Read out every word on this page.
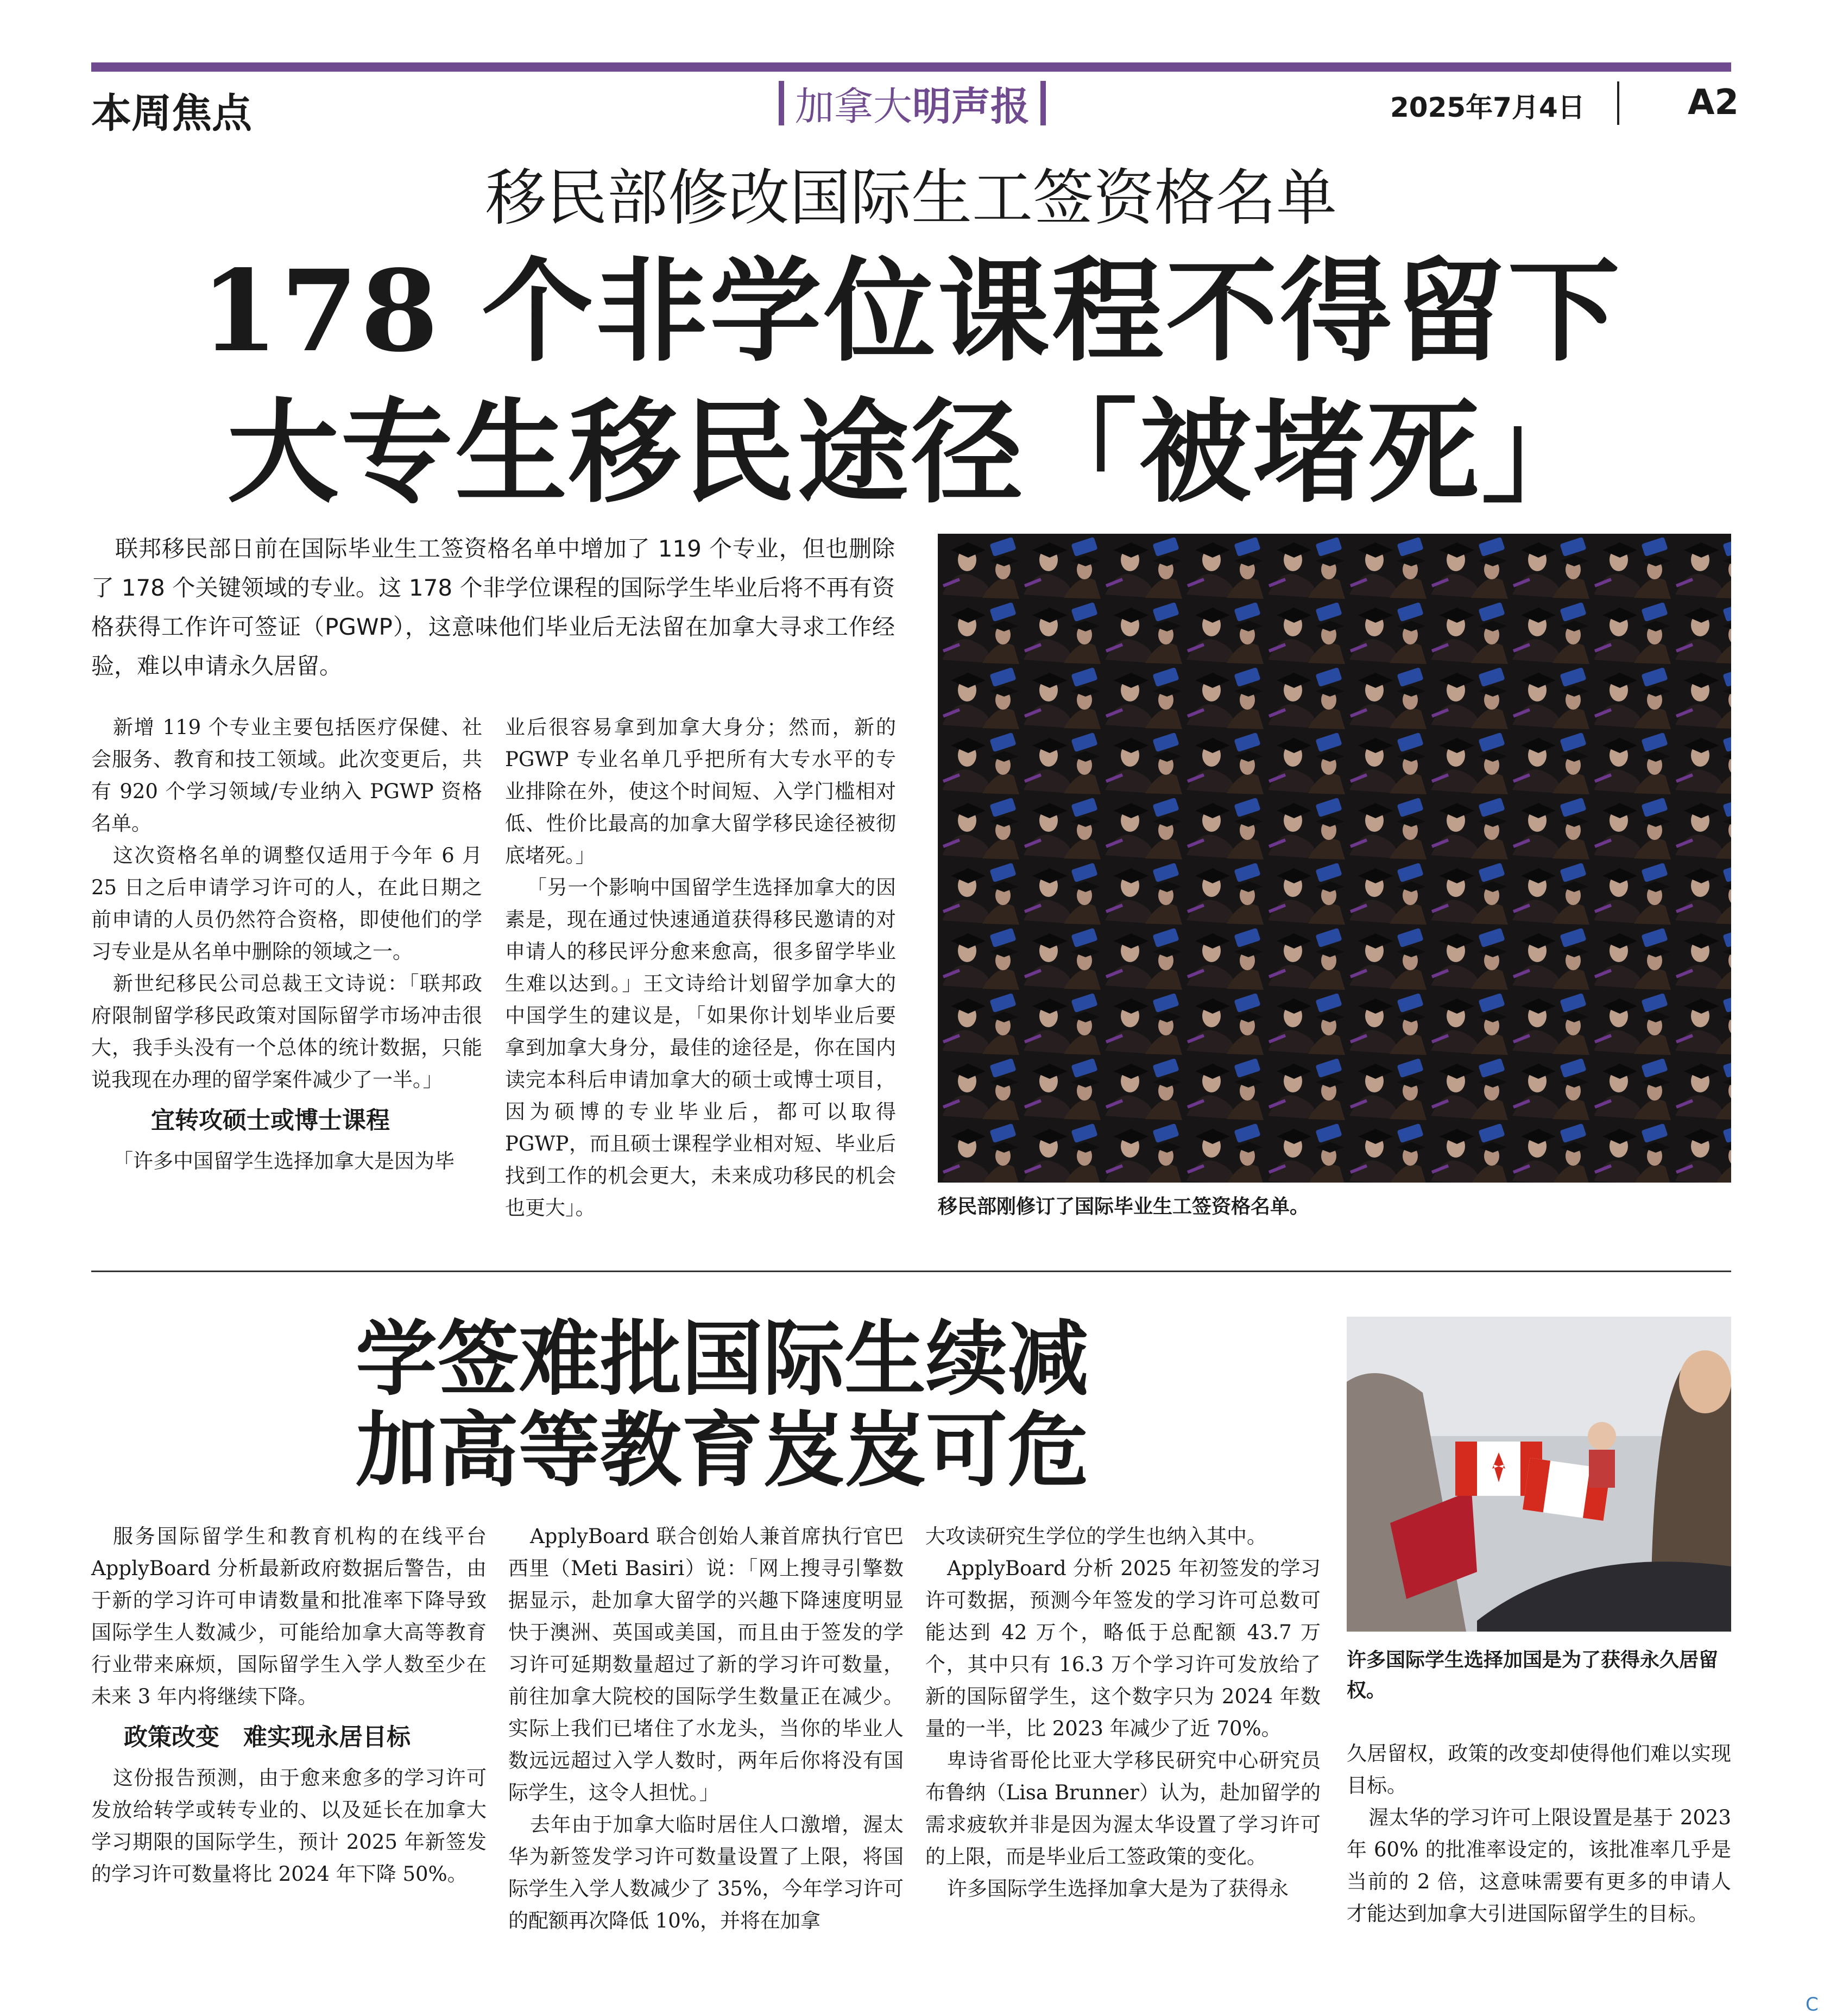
本周焦点	加拿大 明声报	2025年7月4日	A2
移民部修改国际生工签资格名单
178 个非学位课程不得留下
大专生移民途径「被堵死」
联邦移民部日前在国际毕业生工签资格名单中增加了 119 个专业，但也删除了 178 个关键领域的专业。这 178 个非学位课程的国际学生毕业后将不再有资格获得工作许可签证（PGWP），这意味他们毕业后无法留在加拿大寻求工作经验，难以申请永久居留。

新增 119 个专业主要包括医疗保健、社会服务、教育和技工领域。此次变更后，共有 920 个学习领域/专业纳入 PGWP 资格名单。

这次资格名单的调整仅适用于今年 6 月 25 日之后申请学习许可的人，在此日期之前申请的人员仍然符合资格，即使他们的学习专业是从名单中删除的领域之一。

新世纪移民公司总裁王文诗说：「联邦政府限制留学移民政策对国际留学市场冲击很大，我手头没有一个总体的统计数据，只能说我现在办理的留学案件减少了一半。」

宜转攻硕士或博士课程

「许多中国留学生选择加拿大是因为毕

业后很容易拿到加拿大身分；然而，新的 PGWP 专业名单几乎把所有大专水平的专业排除在外，使这个时间短、入学门槛相对低、性价比最高的加拿大留学移民途径被彻底堵死。」

「另一个影响中国留学生选择加拿大的因素是，现在通过快速通道获得移民邀请的对申请人的移民评分愈来愈高，很多留学毕业生难以达到。」王文诗给计划留学加拿大的中国学生的建议是，「如果你计划毕业后要拿到加拿大身分，最佳的途径是，你在国内读完本科后申请加拿大的硕士或博士项目，因为硕博的专业毕业后，都可以取得 PGWP，而且硕士课程学业相对短、毕业后找到工作的机会更大，未来成功移民的机会也更大」。	移民部刚修订了国际毕业生工签资格名单。
学签难批国际生续减
加高等教育岌岌可危
许多国际学生选择加国是为了获得永久居留权。

服务国际留学生和教育机构的在线平台 ApplyBoard 分析最新政府数据后警告，由于新的学习许可申请数量和批准率下降导致国际学生人数减少，可能给加拿大高等教育行业带来麻烦，国际留学生入学人数至少在未来 3 年内将继续下降。

政策改变　难实现永居目标

这份报告预测，由于愈来愈多的学习许可发放给转学或转专业的、以及延长在加拿大学习期限的国际学生，预计 2025 年新签发的学习许可数量将比 2024 年下降 50%。

ApplyBoard 联合创始人兼首席执行官巴西里（Meti Basiri）说：「网上搜寻引擎数据显示，赴加拿大留学的兴趣下降速度明显快于澳洲、英国或美国，而且由于签发的学习许可延期数量超过了新的学习许可数量，前往加拿大院校的国际学生数量正在减少。实际上我们已堵住了水龙头，当你的毕业人数远远超过入学人数时，两年后你将没有国际学生，这令人担忧。」

去年由于加拿大临时居住人口激增，渥太华为新签发学习许可数量设置了上限，将国际学生入学人数减少了 35%，今年学习许可的配额再次降低 10%，并将在加拿

大攻读研究生学位的学生也纳入其中。

ApplyBoard 分析 2025 年初签发的学习许可数据，预测今年签发的学习许可总数可能达到 42 万个，略低于总配额 43.7 万个，其中只有 16.3 万个学习许可发放给了新的国际留学生，这个数字只为 2024 年数量的一半，比 2023 年减少了近 70%。

卑诗省哥伦比亚大学移民研究中心研究员布鲁纳（Lisa Brunner）认为，赴加留学的需求疲软并非是因为渥太华设置了学习许可的上限，而是毕业后工签政策的变化。

许多国际学生选择加拿大是为了获得永

久居留权，政策的改变却使得他们难以实现目标。

渥太华的学习许可上限设置是基于 2023 年 60% 的批准率设定的，该批准率几乎是当前的 2 倍，这意味需要有更多的申请人才能达到加拿大引进国际留学生的目标。

C
